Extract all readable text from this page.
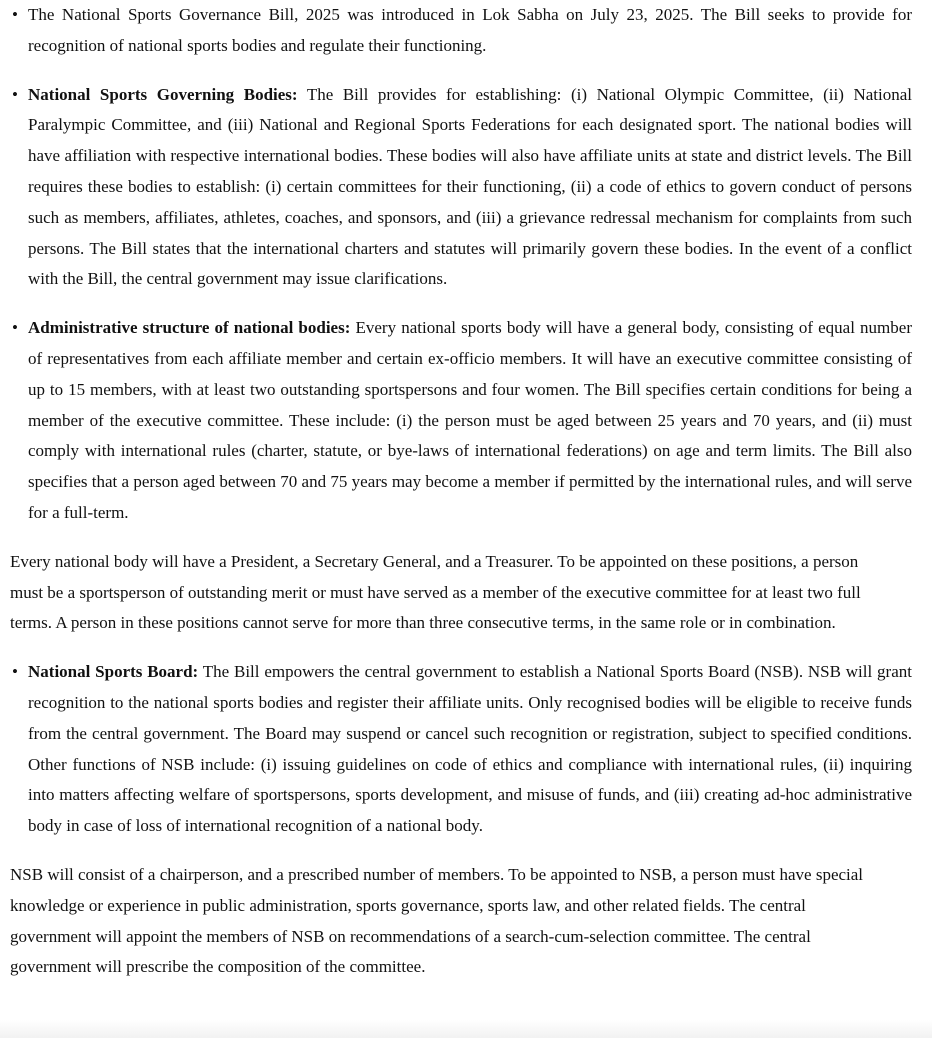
• The National Sports Governance Bill, 2025 was introduced in Lok Sabha on July 23, 2025. The Bill seeks to provide for recognition of national sports bodies and regulate their functioning.
• National Sports Governing Bodies: The Bill provides for establishing: (i) National Olympic Committee, (ii) National Paralympic Committee, and (iii) National and Regional Sports Federations for each designated sport. The national bodies will have affiliation with respective international bodies. These bodies will also have affiliate units at state and district levels. The Bill requires these bodies to establish: (i) certain committees for their functioning, (ii) a code of ethics to govern conduct of persons such as members, affiliates, athletes, coaches, and sponsors, and (iii) a grievance redressal mechanism for complaints from such persons. The Bill states that the international charters and statutes will primarily govern these bodies. In the event of a conflict with the Bill, the central government may issue clarifications.
• Administrative structure of national bodies: Every national sports body will have a general body, consisting of equal number of representatives from each affiliate member and certain ex-officio members. It will have an executive committee consisting of up to 15 members, with at least two outstanding sportspersons and four women. The Bill specifies certain conditions for being a member of the executive committee. These include: (i) the person must be aged between 25 years and 70 years, and (ii) must comply with international rules (charter, statute, or bye-laws of international federations) on age and term limits. The Bill also specifies that a person aged between 70 and 75 years may become a member if permitted by the international rules, and will serve for a full-term.

Every national body will have a President, a Secretary General, and a Treasurer. To be appointed on these positions, a person must be a sportsperson of outstanding merit or must have served as a member of the executive committee for at least two full terms. A person in these positions cannot serve for more than three consecutive terms, in the same role or in combination.

• National Sports Board: The Bill empowers the central government to establish a National Sports Board (NSB). NSB will grant recognition to the national sports bodies and register their affiliate units. Only recognised bodies will be eligible to receive funds from the central government. The Board may suspend or cancel such recognition or registration, subject to specified conditions. Other functions of NSB include: (i) issuing guidelines on code of ethics and compliance with international rules, (ii) inquiring into matters affecting welfare of sportspersons, sports development, and misuse of funds, and (iii) creating ad-hoc administrative body in case of loss of international recognition of a national body.

NSB will consist of a chairperson, and a prescribed number of members. To be appointed to NSB, a person must have special knowledge or experience in public administration, sports governance, sports law, and other related fields. The central government will appoint the members of NSB on recommendations of a search-cum-selection committee. The central government will prescribe the composition of the committee.
